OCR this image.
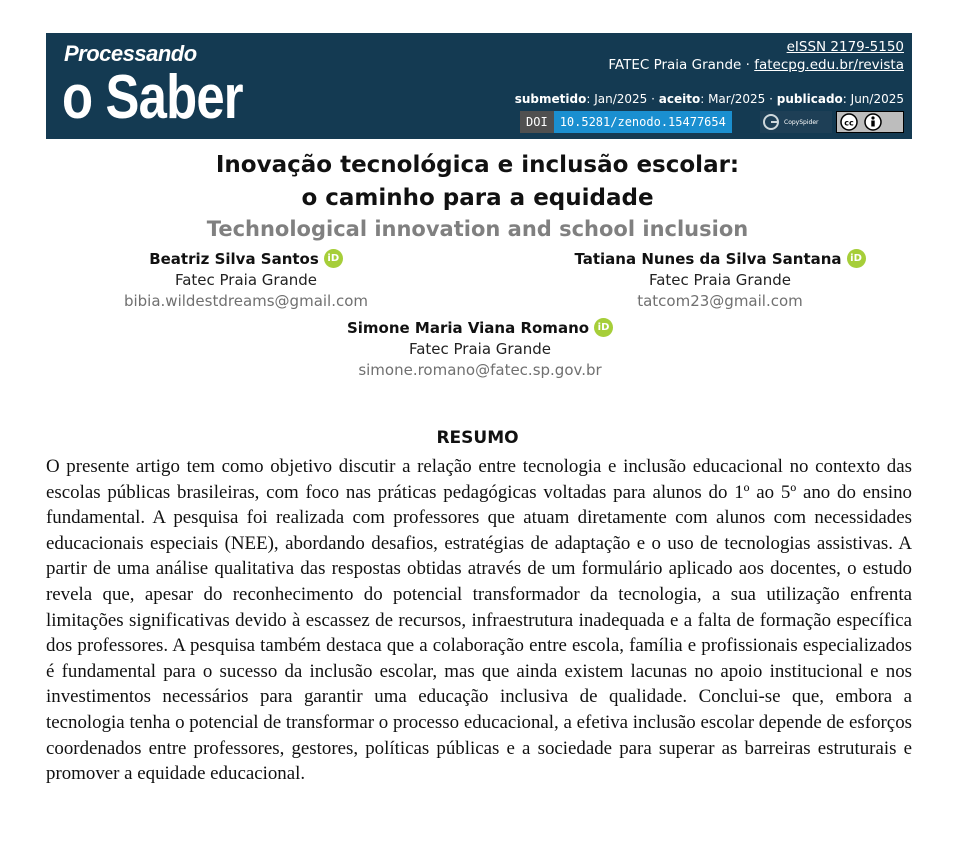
Processando
o Saber
eISSN 2179-5150
FATEC Praia Grande · fatecpg.edu.br/revista
submetido: Jan/2025 · aceito: Mar/2025 · publicado: Jun/2025
DOI	10.5281/zenodo.15477654	CopySpider	cc
Inovação tecnológica e inclusão escolar:
o caminho para a equidade
Technological innovation and school inclusion
Beatriz Silva Santos iD
Fatec Praia Grande
bibia.wildestdreams@gmail.com
Tatiana Nunes da Silva Santana iD
Fatec Praia Grande
tatcom23@gmail.com
Simone Maria Viana Romano iD
Fatec Praia Grande
simone.romano@fatec.sp.gov.br
RESUMO

O presente artigo tem como objetivo discutir a relação entre tecnologia e inclusão educacional no contexto das escolas públicas brasileiras, com foco nas práticas pedagógicas voltadas para alunos do 1º ao 5º ano do ensino fundamental. A pesquisa foi realizada com professores que atuam diretamente com alunos com necessidades educacionais especiais (NEE), abordando desafios, estratégias de adaptação e o uso de tecnologias assistivas. A partir de uma análise qualitativa das respostas obtidas através de um formulário aplicado aos docentes, o estudo revela que, apesar do reconhecimento do potencial transformador da tecnologia, a sua utilização enfrenta limitações significativas devido à escassez de recursos, infraestrutura inadequada e a falta de formação específica dos professores. A pesquisa também destaca que a colaboração entre escola, família e profissionais especializados é fundamental para o sucesso da inclusão escolar, mas que ainda existem lacunas no apoio institucional e nos investimentos necessários para garantir uma educação inclusiva de qualidade. Conclui-se que, embora a tecnologia tenha o potencial de transformar o processo educacional, a efetiva inclusão escolar depende de esforços coordenados entre professores, gestores, políticas públicas e a sociedade para superar as barreiras estruturais e promover a equidade educacional.
